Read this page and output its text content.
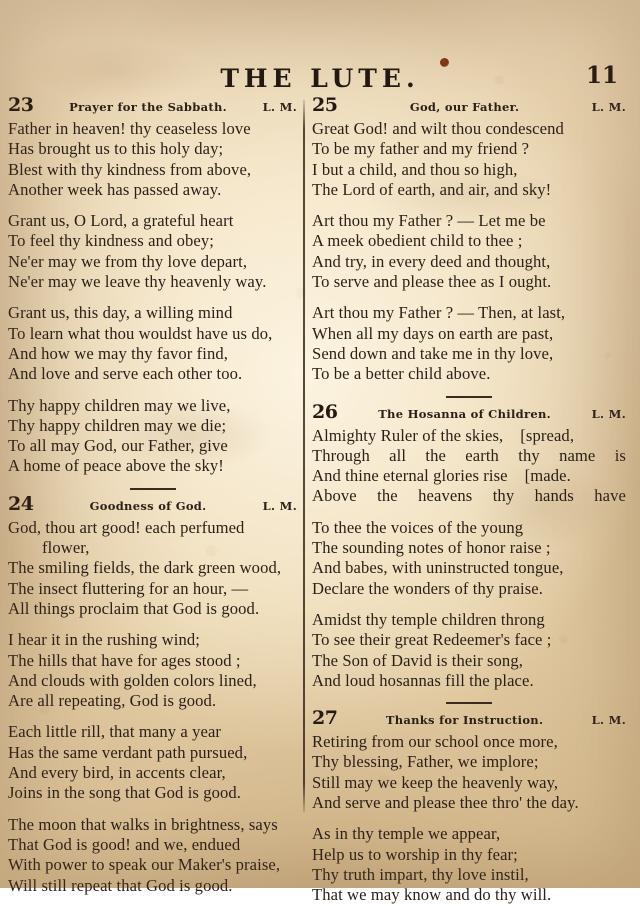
THE LUTE.	11
23	Prayer for the Sabbath.	L. M.
Father in heaven! thy ceaseless love
Has brought us to this holy day;
Blest with thy kindness from above,
Another week has passed away.
Grant us, O Lord, a grateful heart
To feel thy kindness and obey;
Ne'er may we from thy love depart,
Ne'er may we leave thy heavenly way.
Grant us, this day, a willing mind
To learn what thou wouldst have us do,
And how we may thy favor find,
And love and serve each other too.
Thy happy children may we live,
Thy happy children may we die;
To all may God, our Father, give
A home of peace above the sky!
24	Goodness of God.	L. M.
God, thou art good! each perfumed
flower,
The smiling fields, the dark green wood,
The insect fluttering for an hour, —
All things proclaim that God is good.
I hear it in the rushing wind;
The hills that have for ages stood ;
And clouds with golden colors lined,
Are all repeating, God is good.
Each little rill, that many a year
Has the same verdant path pursued,
And every bird, in accents clear,
Joins in the song that God is good.
The moon that walks in brightness, says
That God is good! and we, endued
With power to speak our Maker's praise,
Will still repeat that God is good.
25	God, our Father.	L. M.
Great God! and wilt thou condescend
To be my father and my friend ?
I but a child, and thou so high,
The Lord of earth, and air, and sky!
Art thou my Father ? — Let me be
A meek obedient child to thee ;
And try, in every deed and thought,
To serve and please thee as I ought.
Art thou my Father ? — Then, at last,
When all my days on earth are past,
Send down and take me in thy love,
To be a better child above.
26	The Hosanna of Children.	L. M.
Almighty Ruler of the skies,    [spread,
Through all the earth thy name is
And thine eternal glories rise    [made.
Above the heavens thy hands have
To thee the voices of the young
The sounding notes of honor raise ;
And babes, with uninstructed tongue,
Declare the wonders of thy praise.
Amidst thy temple children throng
To see their great Redeemer's face ;
The Son of David is their song,
And loud hosannas fill the place.
27	Thanks for Instruction.	L. M.
Retiring from our school once more,
Thy blessing, Father, we implore;
Still may we keep the heavenly way,
And serve and please thee thro' the day.
As in thy temple we appear,
Help us to worship in thy fear;
Thy truth impart, thy love instil,
That we may know and do thy will.
